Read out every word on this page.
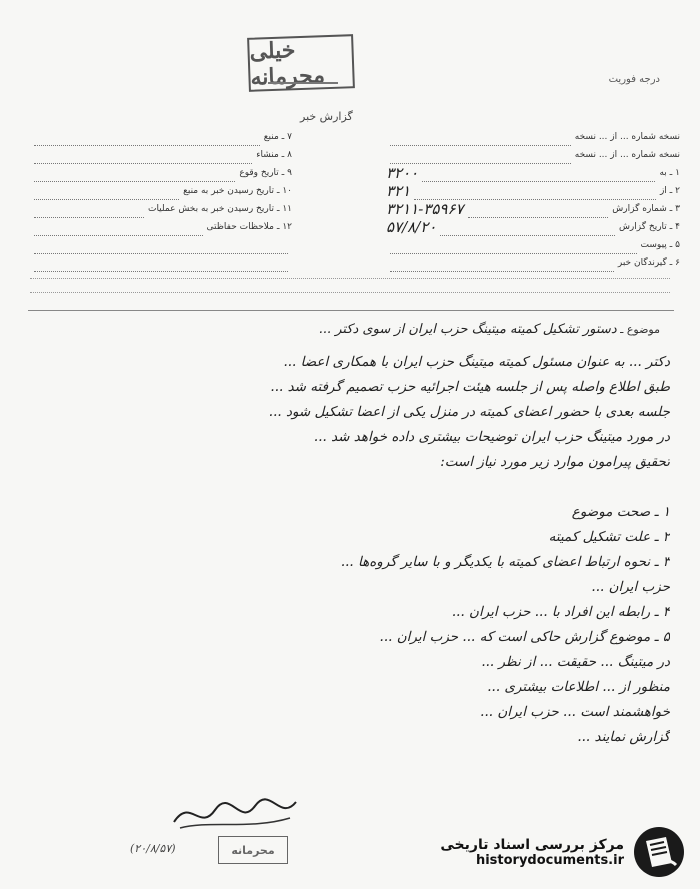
خیلی محرمانه	درجه فوریت
گزارش خبر
نسخه شماره ... از ... نسخه
نسخه شماره ... از ... نسخه
۱ ـ به
۳۲۰۰
۲ ـ از
۳۲۱
۳ ـ شماره گزارش
۳۲۱۱-۳۵۹۶۷
۴ ـ تاریخ گزارش
۵۷/۸/۲۰
۵ ـ پیوست
۶ ـ گیرندگان خبر
۷ ـ منبع
۸ ـ منشاء
۹ ـ تاریخ وقوع
۱۰ ـ تاریخ رسیدن خبر به منبع
۱۱ ـ تاریخ رسیدن خبر به بخش عملیات
۱۲ ـ ملاحظات حفاظتی
موضوع ـ دستور تشکیل کمیته میتینگ حزب ایران از سوی دکتر ...
دکتر ... به عنوان مسئول کمیته میتینگ حزب ایران با همکاری اعضا ...
طبق اطلاع واصله پس از جلسه هیئت اجرائیه حزب تصمیم گرفته شد ...
جلسه بعدی با حضور اعضای کمیته در منزل یکی از اعضا تشکیل شود ...
در مورد میتینگ حزب ایران توضیحات بیشتری داده خواهد شد ...
تحقیق پیرامون موارد زیر مورد نیاز است:
۱ ـ صحت موضوع
۲ ـ علت تشکیل کمیته
۳ ـ نحوه ارتباط اعضای کمیته با یکدیگر و با سایر گروه‌ها ...
حزب ایران ...
۴ ـ رابطه این افراد با ... حزب ایران ...
۵ ـ موضوع گزارش حاکی است که ... حزب ایران ...
در میتینگ ... حقیقت ... از نظر ...
منظور از ... اطلاعات بیشتری ...
خواهشمند است ... حزب ایران ...
گزارش نمایند ...
محرمانه
(۲۰/۸/۵۷)	مرکز بررسی اسناد تاریخی
historydocuments.ir
